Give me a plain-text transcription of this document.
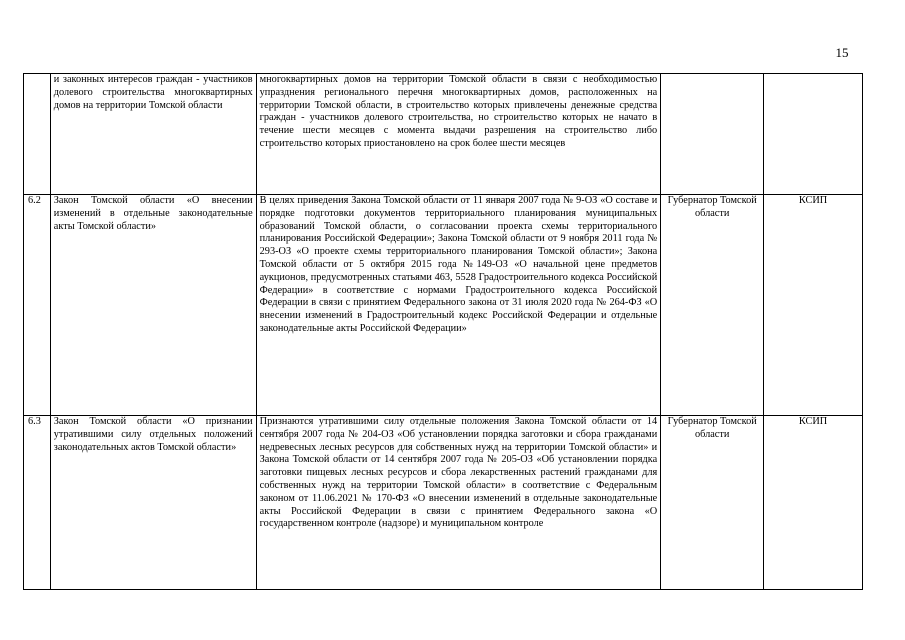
15
	и законных интересов граждан - участников долевого строительства многоквартирных домов на территории Томской области	многоквартирных домов на территории Томской области в связи с необходимостью упразднения регионального перечня многоквартирных домов, расположенных на территории Томской области, в строительство которых привлечены денежные средства граждан - участников долевого строительства, но строительство которых не начато в течение шести месяцев с момента выдачи разрешения на строительство либо строительство которых приостановлено на срок более шести месяцев		
6.2	Закон Томской области «О внесении изменений в отдельные законодательные акты Томской области»	В целях приведения Закона Томской области от 11 января 2007 года № 9-ОЗ «О составе и порядке подготовки документов территориального планирования муниципальных образований Томской области, о согласовании проекта схемы территориального планирования Российской Федерации»; Закона Томской области от 9 ноября 2011 года № 293-ОЗ «О проекте схемы территориального планирования Томской области»; Закона Томской области от 5 октября 2015 года №149-ОЗ «О начальной цене предметов аукционов, предусмотренных статьями 463, 5528 Градостроительного кодекса Российской Федерации» в соответствие с нормами Градостроительного кодекса Российской Федерации в связи с принятием Федерального закона от 31 июля 2020 года № 264-ФЗ «О внесении изменений в Градостроительный кодекс Российской Федерации и отдельные законодательные акты Российской Федерации»	Губернатор Томской области	КСИП
6.3	Закон Томской области «О признании утратившими силу отдельных положений законодательных актов Томской области»	Признаются утратившими силу отдельные положения Закона Томской области от 14 сентября 2007 года № 204-ОЗ «Об установлении порядка заготовки и сбора гражданами недревесных лесных ресурсов для собственных нужд на территории Томской области» и Закона Томской области от 14 сентября 2007 года № 205-ОЗ «Об установлении порядка заготовки пищевых лесных ресурсов и сбора лекарственных растений гражданами для собственных нужд на территории Томской области» в соответствие с Федеральным законом от 11.06.2021 № 170-ФЗ «О внесении изменений в отдельные законодательные акты Российской Федерации в связи с принятием Федерального закона «О государственном контроле (надзоре) и муниципальном контроле	Губернатор Томской области	КСИП
